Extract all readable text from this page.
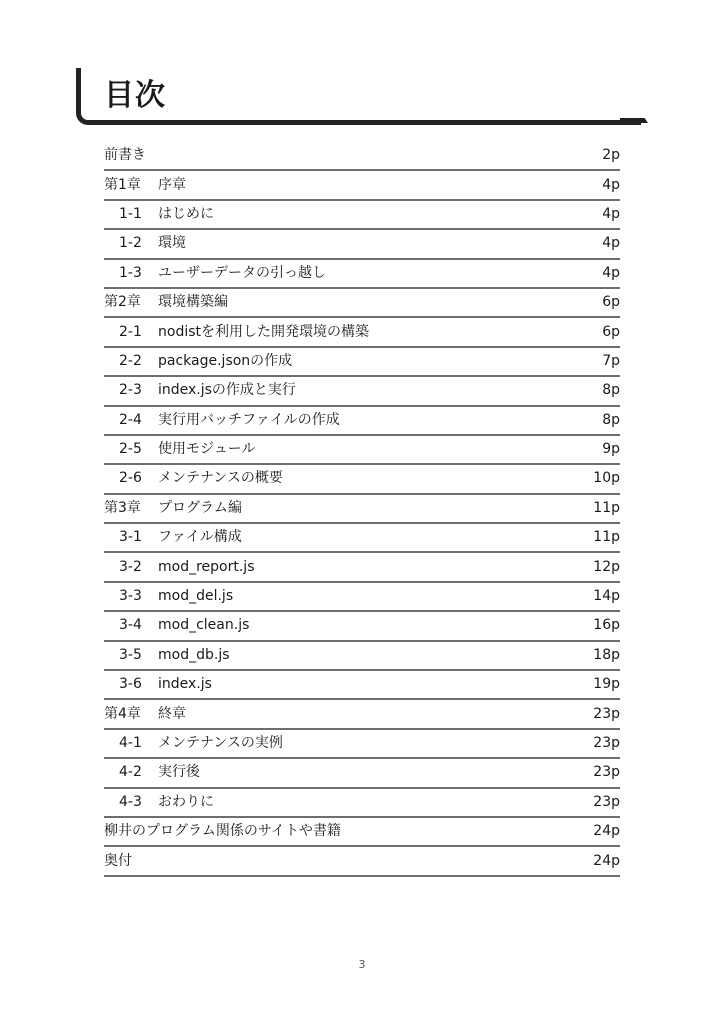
目次
前書き	2p
第1章	序章	4p
1-1	はじめに	4p
1-2	環境	4p
1-3	ユーザーデータの引っ越し	4p
第2章	環境構築編	6p
2-1	nodistを利用した開発環境の構築	6p
2-2	package.jsonの作成	7p
2-3	index.jsの作成と実行	8p
2-4	実行用バッチファイルの作成	8p
2-5	使用モジュール	9p
2-6	メンテナンスの概要	10p
第3章	プログラム編	11p
3-1	ファイル構成	11p
3-2	mod_report.js	12p
3-3	mod_del.js	14p
3-4	mod_clean.js	16p
3-5	mod_db.js	18p
3-6	index.js	19p
第4章	終章	23p
4-1	メンテナンスの実例	23p
4-2	実行後	23p
4-3	おわりに	23p
柳井のプログラム関係のサイトや書籍	24p
奥付	24p
3
